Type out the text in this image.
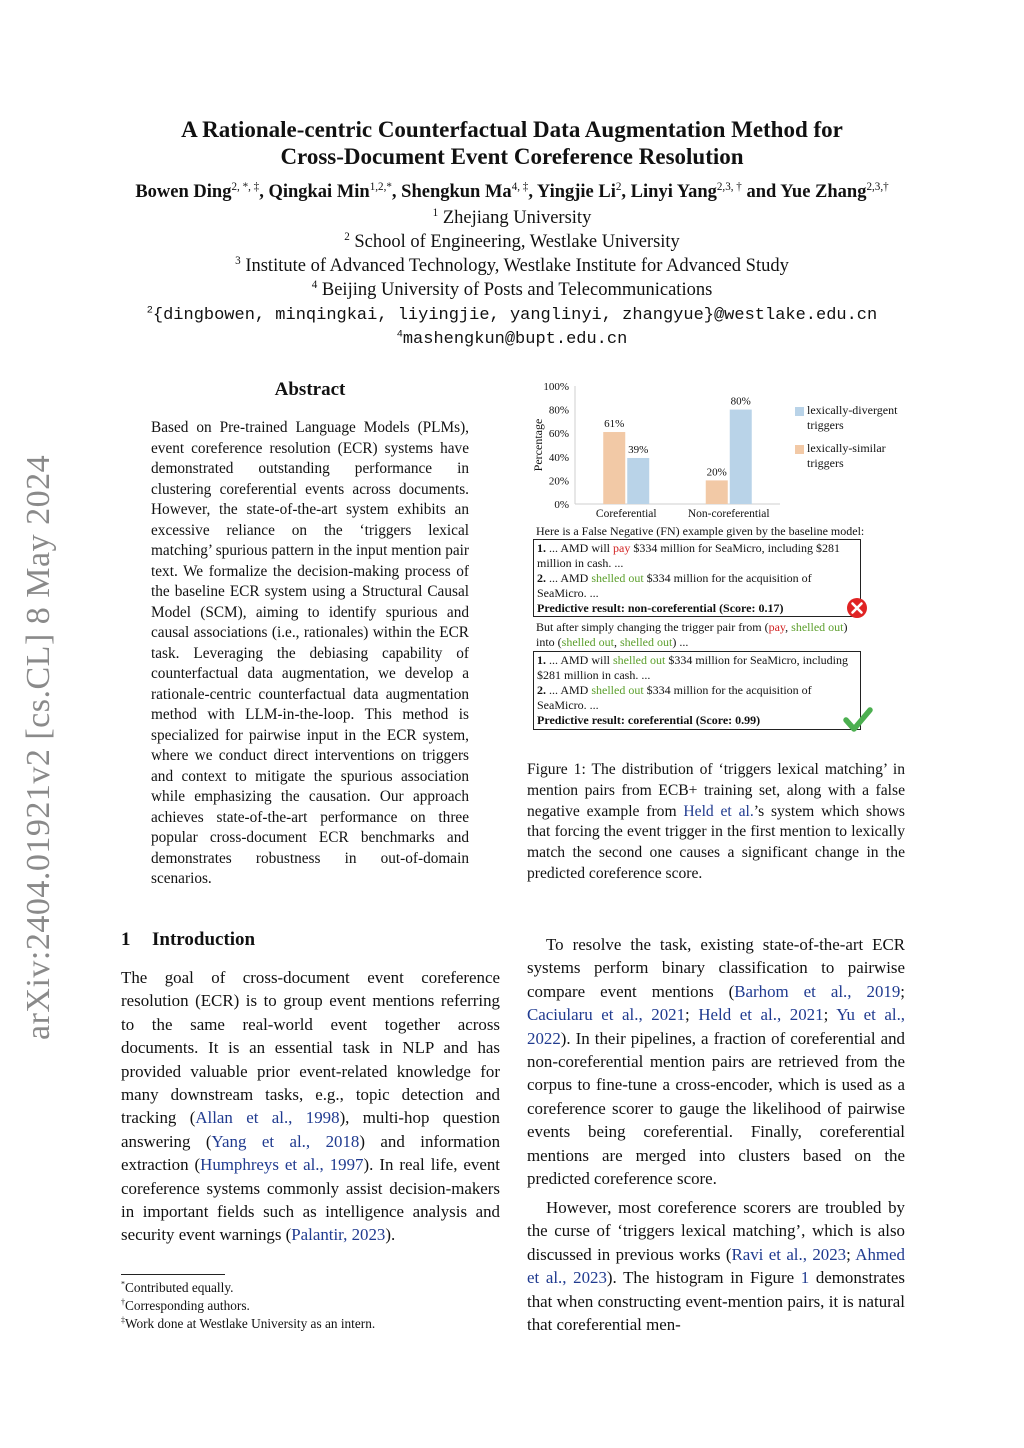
arXiv:2404.01921v2 [cs.CL] 8 May 2024
A Rationale-centric Counterfactual Data Augmentation Method for
Cross-Document Event Coreference Resolution
Bowen Ding$^{2, *, \ddagger}$, Qingkai Min$^{1,2,*}$, Shengkun $Ma^{4, \ddagger}$, Yingjie Li$^2$, Linyi Yang$^{2,3, \dagger}$ and Yue Zhang$^{2,3,\dagger}$
$^1$ Zhejiang University
$^2$ School of Engineering, Westlake University
$^3$ Institute of Advanced Technology, Westlake Institute for Advanced Study
$^4$ Beijing University of Posts and Telecommunications
$^2${dingbowen, minqingkai, liyingjie, yanglinyi, zhangyue}@westlake.edu.cn
$^4$mashengkun@bupt.edu.cn
Abstract
Based on Pre-trained Language Models (PLMs), event coreference resolution (ECR) systems have demonstrated outstanding performance in clustering coreferential events across documents. However, the state-of-the-art system exhibits an excessive reliance on the ‘triggers lexical matching’ spurious pattern in the input mention pair text. We formalize the decision-making process of the baseline ECR system using a Structural Causal Model (SCM), aiming to identify spurious and causal associations (i.e., rationales) within the ECR task. Leveraging the debiasing capability of counterfactual data augmentation, we develop a rationale-centric counterfactual data augmentation method with LLM-in-the-loop. This method is specialized for pairwise input in the ECR system, where we conduct direct interventions on triggers and context to mitigate the spurious association while emphasizing the causation. Our approach achieves state-of-the-art performance on three popular cross-document ECR benchmarks and demonstrates robustness in out-of-domain scenarios.
1 Introduction
The goal of cross-document event coreference resolution (ECR) is to group event mentions referring to the same real-world event together across documents. It is an essential task in NLP and has provided valuable prior event-related knowledge for many downstream tasks, e.g., topic detection and tracking (Allan et al., 1998), multi-hop question answering (Yang et al., 2018) and information extraction (Humphreys et al., 1997). In real life, event coreference systems commonly assist decision-makers in important fields such as intelligence analysis and security event warnings (Palantir, 2023).
To resolve the task, existing state-of-the-art ECR systems perform binary classification to pairwise compare event mentions (Barhom et al., 2019; Caciularu et al., 2021; Held et al., 2021; Yu et al., 2022). In their pipelines, a fraction of coreferential and non-coreferential mention pairs are retrieved from the corpus to fine-tune a cross-encoder, which is used as a coreference scorer to gauge the likelihood of pairwise events being coreferential. Finally, coreferential mentions are merged into clusters based on the predicted coreference score.
However, most coreference scorers are troubled by the curse of ‘triggers lexical matching’, which is also discussed in previous works (Ravi et al., 2023; Ahmed et al., 2023). The histogram in Figure 1 demonstrates that when constructing event-mention pairs, it is natural that coreferential men-
*Contributed equally.
†Corresponding authors.
‡Work done at Westlake University as an intern.
0%
20%
40%
60%
80%
100%
Percentage	61%
39%
Coreferential
20%
80%
Non-coreferential
lexically-divergent triggers
lexically-similar triggers
Here is a False Negative (FN) example given by the baseline model:
1. ... AMD will pay $334 million for SeaMicro, including $281 million in cash. ...
2. ... AMD shelled out $334 million for the acquisition of SeaMicro. ...
Predictive result: non-coreferential (Score: 0.17)
But after simply changing the trigger pair from (pay, shelled out) into (shelled out, shelled out) ...
1. ... AMD will shelled out $334 million for SeaMicro, including $281 million in cash. ...
2. ... AMD shelled out $334 million for the acquisition of SeaMicro. ...
Predictive result: coreferential (Score: 0.99)
Figure 1: The distribution of ‘triggers lexical matching’ in mention pairs from ECB+ training set, along with a false negative example from Held et al.’s system which shows that forcing the event trigger in the first mention to lexically match the second one causes a significant change in the predicted coreference score.
